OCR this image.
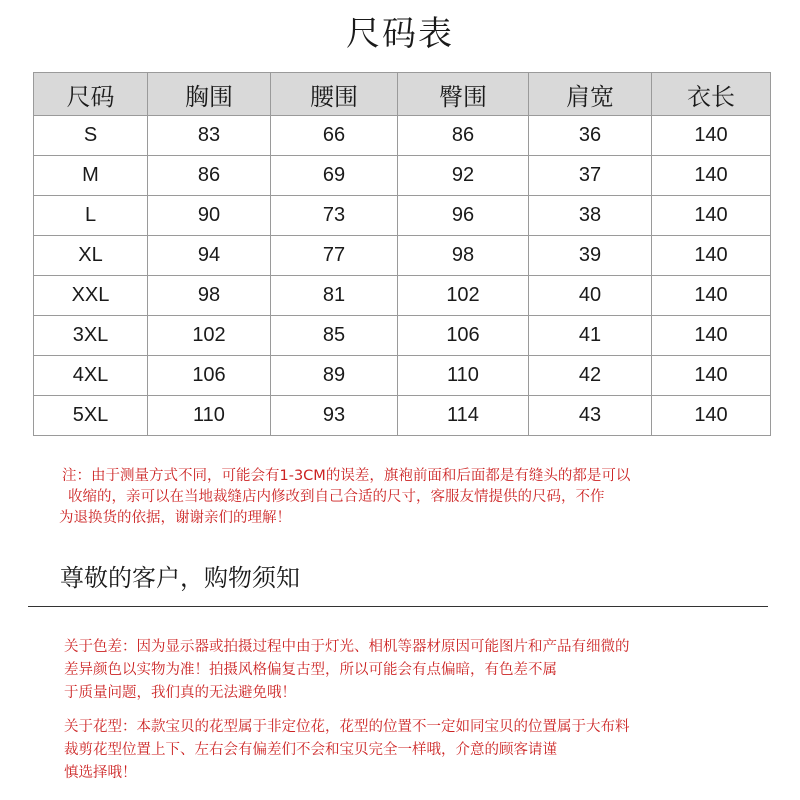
尺码表
尺码	胸围	腰围	臀围	肩宽	衣长
S	83	66	86	36	140
M	86	69	92	37	140
L	90	73	96	38	140
XL	94	77	98	39	140
XXL	98	81	102	40	140
3XL	102	85	106	41	140
4XL	106	89	110	42	140
5XL	110	93	114	43	140
注：由于测量方式不同，可能会有1-3CM的误差，旗袍前面和后面都是有缝头的都是可以
收缩的，亲可以在当地裁缝店内修改到自己合适的尺寸，客服友情提供的尺码，不作
为退换货的依据，谢谢亲们的理解！
尊敬的客户，购物须知
关于色差：因为显示器或拍摄过程中由于灯光、相机等器材原因可能图片和产品有细微的
差异颜色以实物为准！拍摄风格偏复古型，所以可能会有点偏暗，有色差不属
于质量问题，我们真的无法避免哦！
关于花型：本款宝贝的花型属于非定位花，花型的位置不一定如同宝贝的位置属于大布料
裁剪花型位置上下、左右会有偏差们不会和宝贝完全一样哦，介意的顾客请谨
慎选择哦！
